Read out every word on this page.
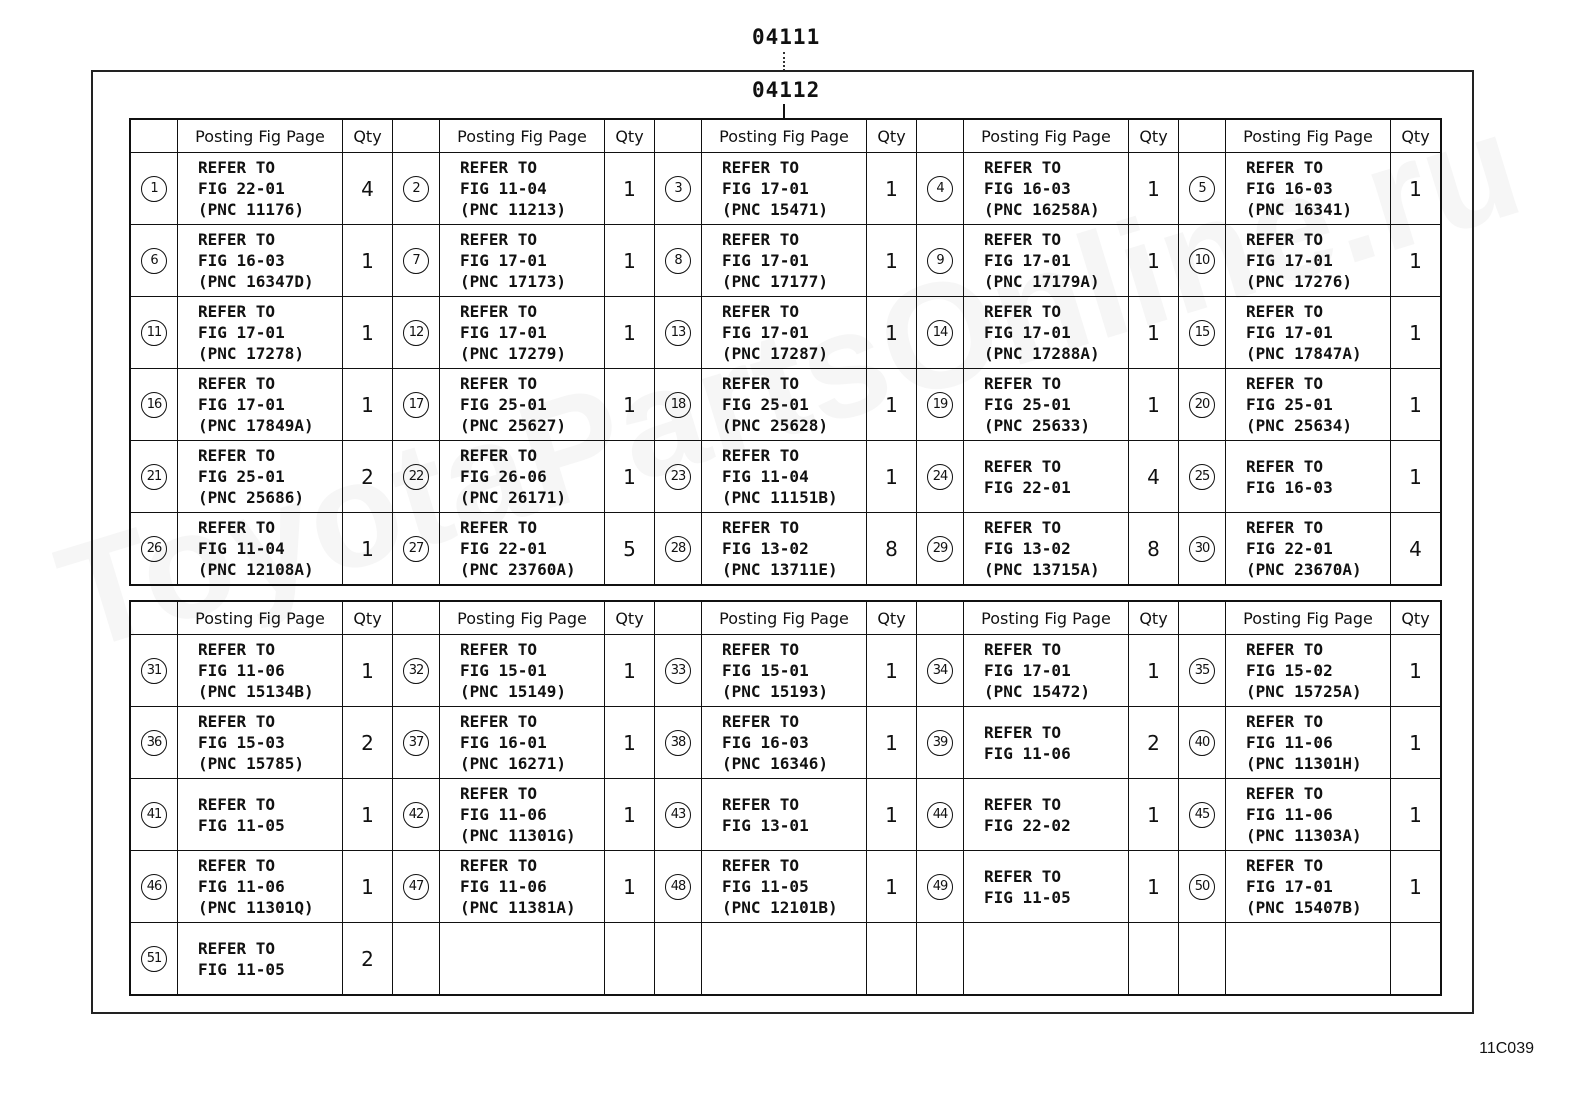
04111
04112
	Posting Fig Page	Qty		Posting Fig Page	Qty		Posting Fig Page	Qty		Posting Fig Page	Qty		Posting Fig Page	Qty
1	REFER TO
FIG 22-01
(PNC 11176)	4	2	REFER TO
FIG 11-04
(PNC 11213)	1	3	REFER TO
FIG 17-01
(PNC 15471)	1	4	REFER TO
FIG 16-03
(PNC 16258A)	1	5	REFER TO
FIG 16-03
(PNC 16341)	1
6	REFER TO
FIG 16-03
(PNC 16347D)	1	7	REFER TO
FIG 17-01
(PNC 17173)	1	8	REFER TO
FIG 17-01
(PNC 17177)	1	9	REFER TO
FIG 17-01
(PNC 17179A)	1	10	REFER TO
FIG 17-01
(PNC 17276)	1
11	REFER TO
FIG 17-01
(PNC 17278)	1	12	REFER TO
FIG 17-01
(PNC 17279)	1	13	REFER TO
FIG 17-01
(PNC 17287)	1	14	REFER TO
FIG 17-01
(PNC 17288A)	1	15	REFER TO
FIG 17-01
(PNC 17847A)	1
16	REFER TO
FIG 17-01
(PNC 17849A)	1	17	REFER TO
FIG 25-01
(PNC 25627)	1	18	REFER TO
FIG 25-01
(PNC 25628)	1	19	REFER TO
FIG 25-01
(PNC 25633)	1	20	REFER TO
FIG 25-01
(PNC 25634)	1
21	REFER TO
FIG 25-01
(PNC 25686)	2	22	REFER TO
FIG 26-06
(PNC 26171)	1	23	REFER TO
FIG 11-04
(PNC 11151B)	1	24	REFER TO
FIG 22-01	4	25	REFER TO
FIG 16-03	1
26	REFER TO
FIG 11-04
(PNC 12108A)	1	27	REFER TO
FIG 22-01
(PNC 23760A)	5	28	REFER TO
FIG 13-02
(PNC 13711E)	8	29	REFER TO
FIG 13-02
(PNC 13715A)	8	30	REFER TO
FIG 22-01
(PNC 23670A)	4
	Posting Fig Page	Qty		Posting Fig Page	Qty		Posting Fig Page	Qty		Posting Fig Page	Qty		Posting Fig Page	Qty
31	REFER TO
FIG 11-06
(PNC 15134B)	1	32	REFER TO
FIG 15-01
(PNC 15149)	1	33	REFER TO
FIG 15-01
(PNC 15193)	1	34	REFER TO
FIG 17-01
(PNC 15472)	1	35	REFER TO
FIG 15-02
(PNC 15725A)	1
36	REFER TO
FIG 15-03
(PNC 15785)	2	37	REFER TO
FIG 16-01
(PNC 16271)	1	38	REFER TO
FIG 16-03
(PNC 16346)	1	39	REFER TO
FIG 11-06	2	40	REFER TO
FIG 11-06
(PNC 11301H)	1
41	REFER TO
FIG 11-05	1	42	REFER TO
FIG 11-06
(PNC 11301G)	1	43	REFER TO
FIG 13-01	1	44	REFER TO
FIG 22-02	1	45	REFER TO
FIG 11-06
(PNC 11303A)	1
46	REFER TO
FIG 11-06
(PNC 11301Q)	1	47	REFER TO
FIG 11-06
(PNC 11381A)	1	48	REFER TO
FIG 11-05
(PNC 12101B)	1	49	REFER TO
FIG 11-05	1	50	REFER TO
FIG 17-01
(PNC 15407B)	1
51	REFER TO
FIG 11-05	2												
11C039
